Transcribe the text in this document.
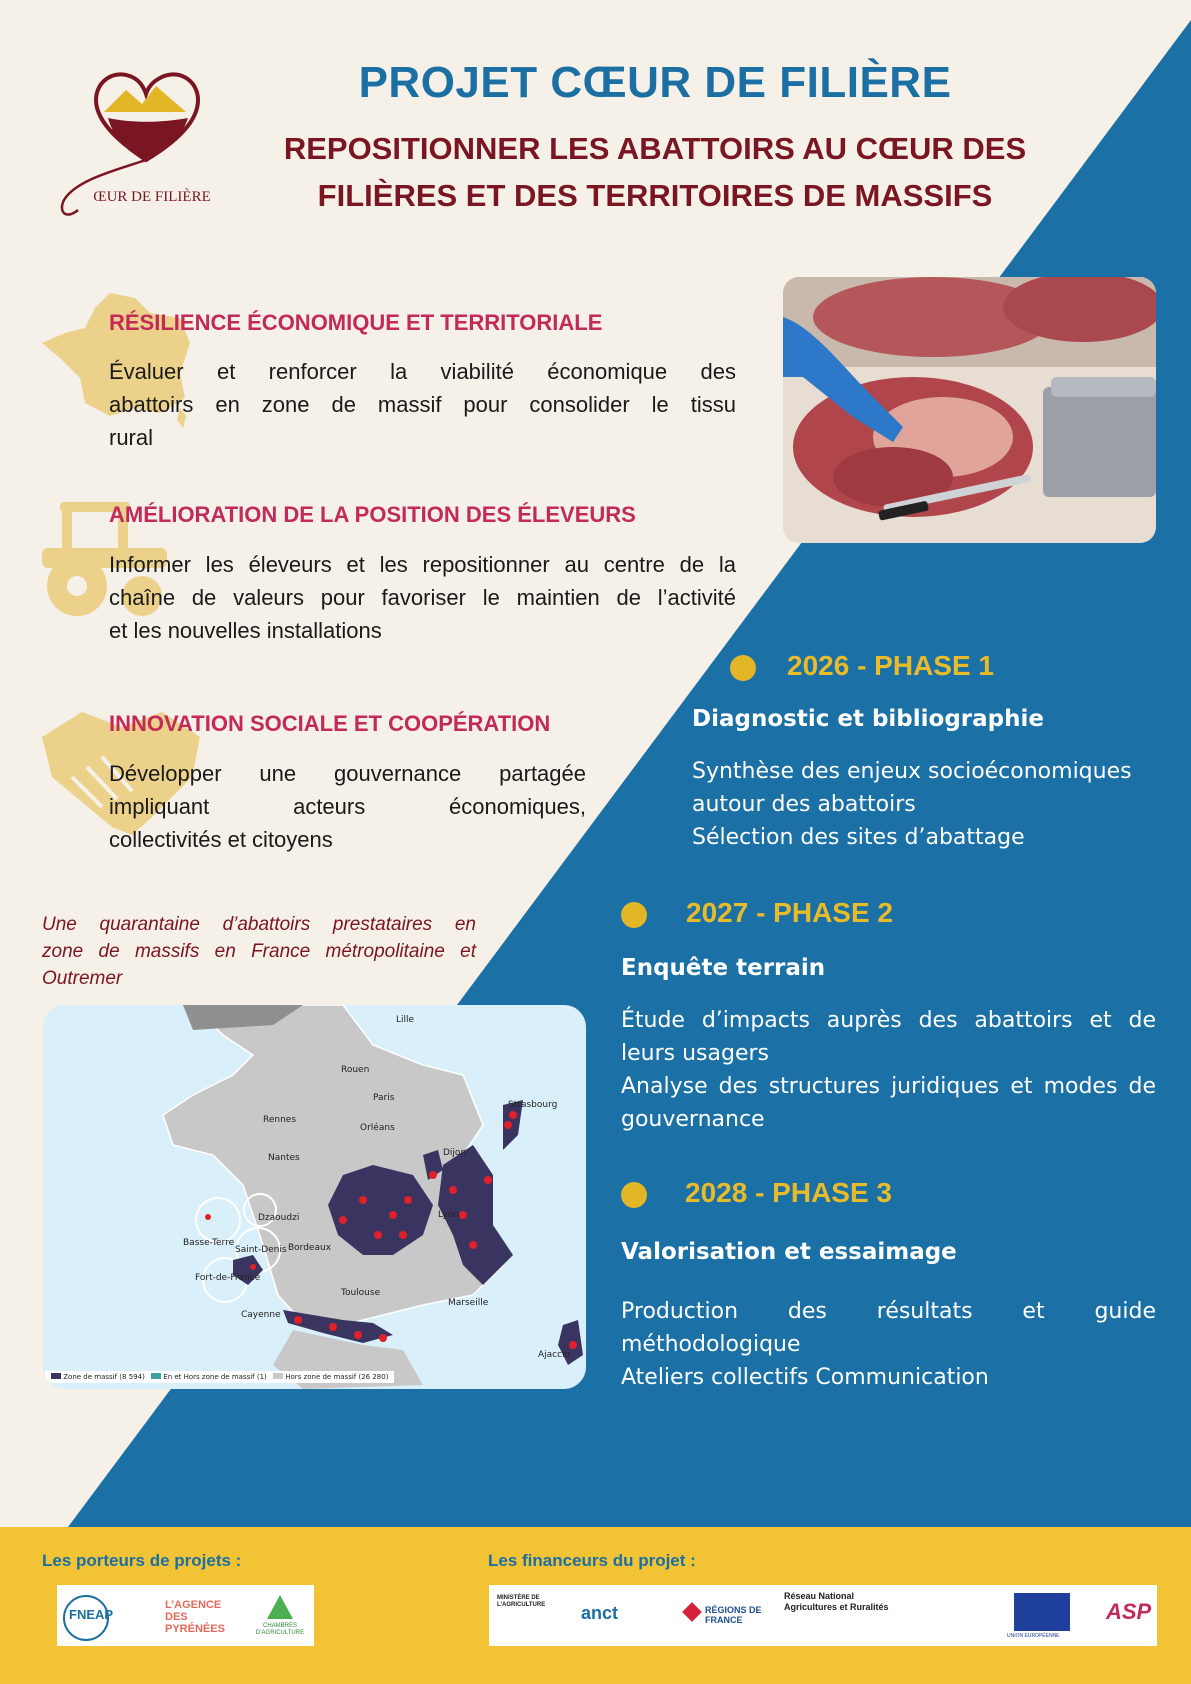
ŒUR DE FILIÈRE
PROJET CŒUR DE FILIÈRE
REPOSITIONNER LES ABATTOIRS AU CŒUR DES
FILIÈRES ET DES TERRITOIRES DE MASSIFS
RÉSILIENCE ÉCONOMIQUE ET TERRITORIALE
Évaluer et renforcer la viabilité économique des
abattoirs en zone de massif pour consolider le tissu
rural
AMÉLIORATION DE LA POSITION DES ÉLEVEURS
Informer les éleveurs et les repositionner au centre de la
chaîne de valeurs pour favoriser le maintien de l’activité
et les nouvelles installations
INNOVATION SOCIALE ET COOPÉRATION
Développer une gouvernance partagée
impliquant acteurs économiques,
collectivités et citoyens
2026 - PHASE 1
Diagnostic et bibliographie
Synthèse des enjeux socioéconomiques
autour des abattoirs
Sélection des sites d’abattage
2027 - PHASE 2
Enquête terrain
Étude d’impacts auprès des abattoirs et de
leurs usagers
Analyse des structures juridiques et modes de
gouvernance
2028 - PHASE 3
Valorisation et essaimage
Production des résultats et guide
méthodologique
Ateliers collectifs Communication
Une quarantaine d’abattoirs prestataires en
zone de massifs en France métropolitaine et
Outremer
Lille
Rouen
Paris
Strasbourg
Rennes
Orléans
Nantes	Dijon
Lyon
Dzaoudzi
Basse-Terre
Saint-Denis Bordeaux
Fort-de-France
Marseille
Toulouse
Cayenne
Ajaccio
Zone de massif (8 594)	En et Hors zone de massif (1)	Hors zone de massif (26 280)
Les porteurs de projets :	Les financeurs du projet :
FNEAP
L’AGENCE DES PYRÉNÉES	CHAMBRES D’AGRICULTURE
MINISTÈRE DE L’AGRICULTURE	anct	RÉGIONS DE FRANCE
Réseau National Agricultures et Ruralités
UNION EUROPÉENNE
ASP
